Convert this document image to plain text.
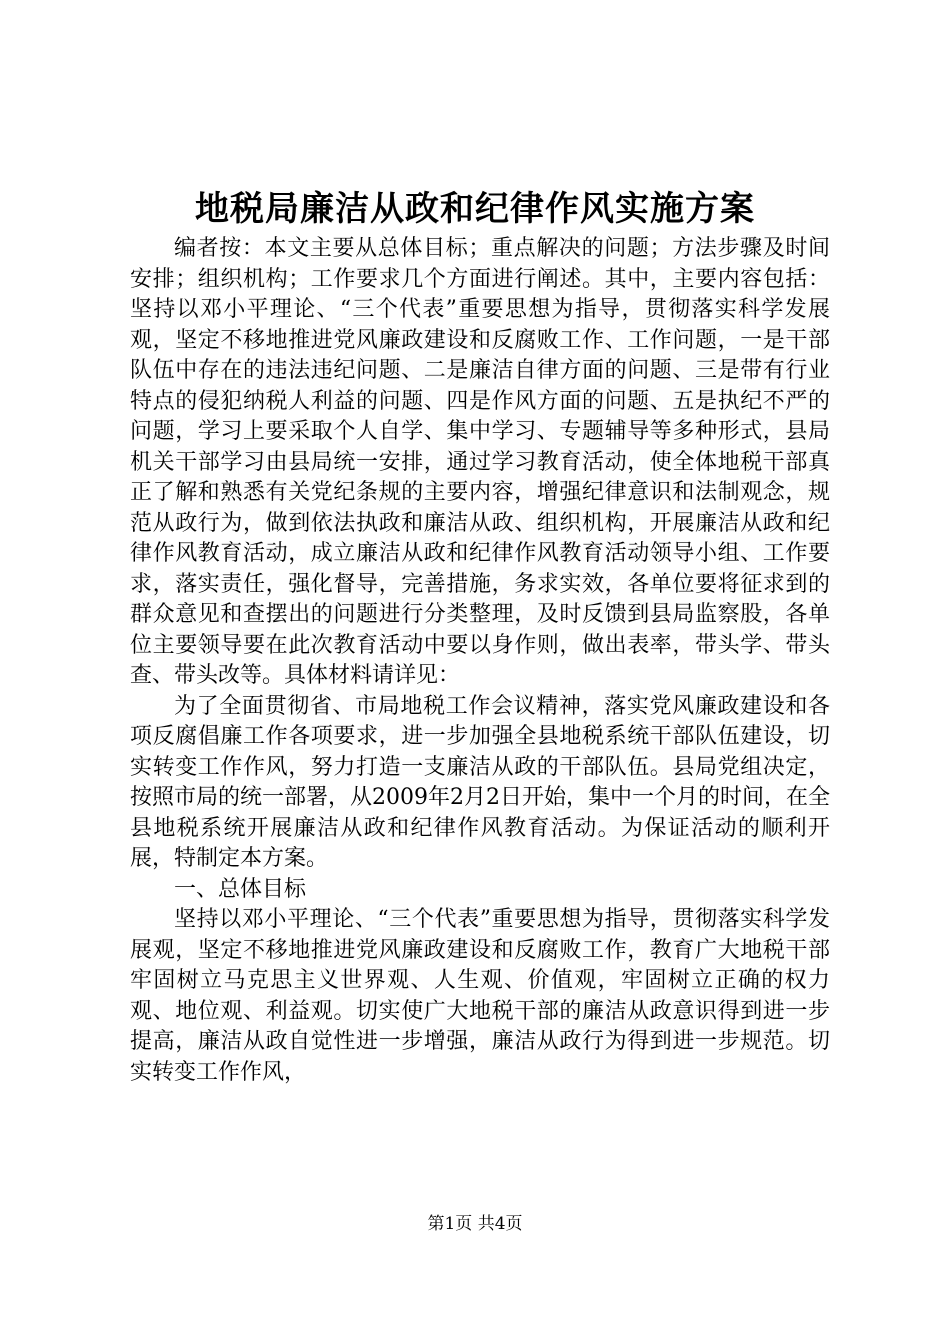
地税局廉洁从政和纪律作风实施方案

编者按：本文主要从总体目标；重点解决的问题；方法步骤及时间安排；组织机构；工作要求几个方面进行阐述。其中，主要内容包括：坚持以邓小平理论、“三个代表”重要思想为指导，贯彻落实科学发展观，坚定不移地推进党风廉政建设和反腐败工作、工作问题，一是干部队伍中存在的违法违纪问题、二是廉洁自律方面的问题、三是带有行业特点的侵犯纳税人利益的问题、四是作风方面的问题、五是执纪不严的问题，学习上要采取个人自学、集中学习、专题辅导等多种形式，县局机关干部学习由县局统一安排，通过学习教育活动，使全体地税干部真正了解和熟悉有关党纪条规的主要内容，增强纪律意识和法制观念，规范从政行为，做到依法执政和廉洁从政、组织机构，开展廉洁从政和纪律作风教育活动，成立廉洁从政和纪律作风教育活动领导小组、工作要求，落实责任，强化督导，完善措施，务求实效，各单位要将征求到的群众意见和查摆出的问题进行分类整理，及时反馈到县局监察股，各单位主要领导要在此次教育活动中要以身作则，做出表率，带头学、带头查、带头改等。具体材料请详见：

为了全面贯彻省、市局地税工作会议精神，落实党风廉政建设和各项反腐倡廉工作各项要求，进一步加强全县地税系统干部队伍建设，切实转变工作作风，努力打造一支廉洁从政的干部队伍。县局党组决定，按照市局的统一部署，从2009年2月2日开始，集中一个月的时间，在全县地税系统开展廉洁从政和纪律作风教育活动。为保证活动的顺利开展，特制定本方案。

一、总体目标

坚持以邓小平理论、“三个代表”重要思想为指导，贯彻落实科学发展观，坚定不移地推进党风廉政建设和反腐败工作，教育广大地税干部牢固树立马克思主义世界观、人生观、价值观，牢固树立正确的权力观、地位观、利益观。切实使广大地税干部的廉洁从政意识得到进一步提高，廉洁从政自觉性进一步增强，廉洁从政行为得到进一步规范。切实转变工作作风，

第1页 共4页
